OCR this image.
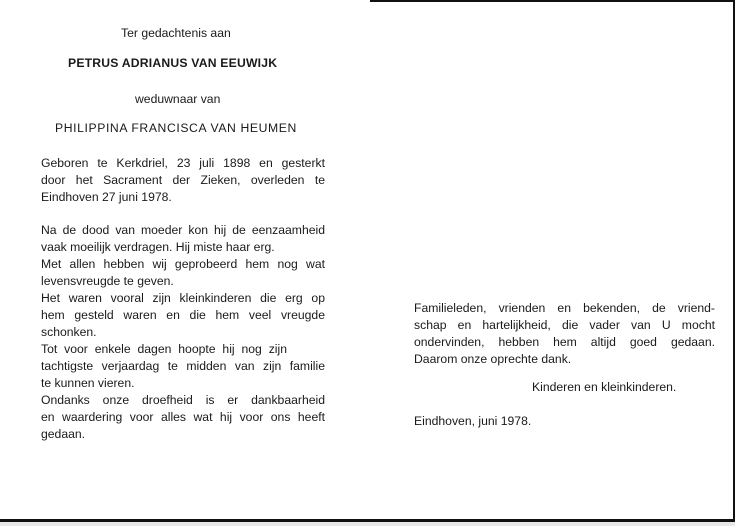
Ter gedachtenis aan
PETRUS ADRIANUS VAN EEUWIJK
weduwnaar van
PHILIPPINA FRANCISCA VAN HEUMEN
Geboren te Kerkdriel, 23 juli 1898 en gesterkt
door het Sacrament der Zieken, overleden te
Eindhoven 27 juni 1978.
Na de dood van moeder kon hij de eenzaamheid
vaak moeilijk verdragen. Hij miste haar erg.
Met allen hebben wij geprobeerd hem nog wat
levensvreugde te geven.
Het waren vooral zijn kleinkinderen die erg op
hem gesteld waren en die hem veel vreugde
schonken.
Tot voor enkele dagen hoopte hij nog zijn
tachtigste verjaardag te midden van zijn familie
te kunnen vieren.
Ondanks onze droefheid is er dankbaarheid
en waardering voor alles wat hij voor ons heeft
gedaan.
Familieleden, vrienden en bekenden, de vriend-
schap en hartelijkheid, die vader van U mocht
ondervinden, hebben hem altijd goed gedaan.
Daarom onze oprechte dank.
Kinderen en kleinkinderen.
Eindhoven, juni 1978.
